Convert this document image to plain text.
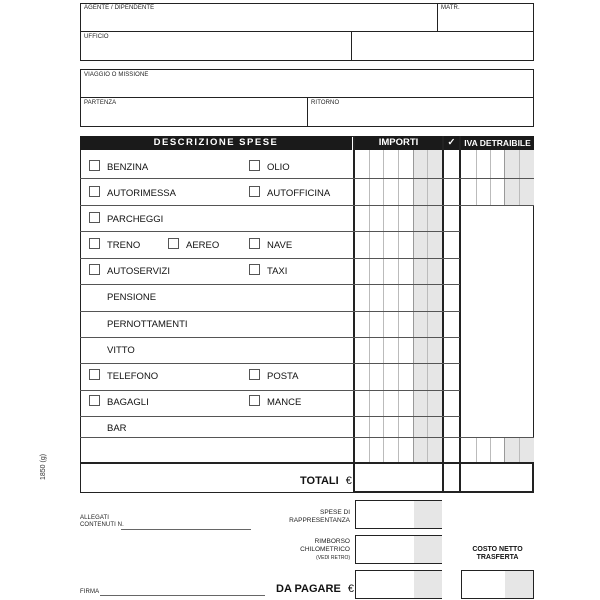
AGENTE / DIPENDENTE	MATR.
UFFICIO
VIAGGIO O MISSIONE
PARTENZA	RITORNO
DESCRIZIONE SPESE	IMPORTI	✓	IVA DETRAIBILE
BENZINA	OLIO
AUTORIMESSA	AUTOFFICINA
PARCHEGGI
TRENO	AEREO	NAVE
AUTOSERVIZI	TAXI
PENSIONE
PERNOTTAMENTI
VITTO
TELEFONO	POSTA
BAGAGLI	MANCE
BAR
TOTALI €
1850 (g)
ALLEGATI
CONTENUTI N.
SPESE DI
RAPPRESENTANZA
RIMBORSO
CHILOMETRICO
(VEDI RETRO)
COSTO NETTO
TRASFERTA
FIRMA	DA PAGARE €
